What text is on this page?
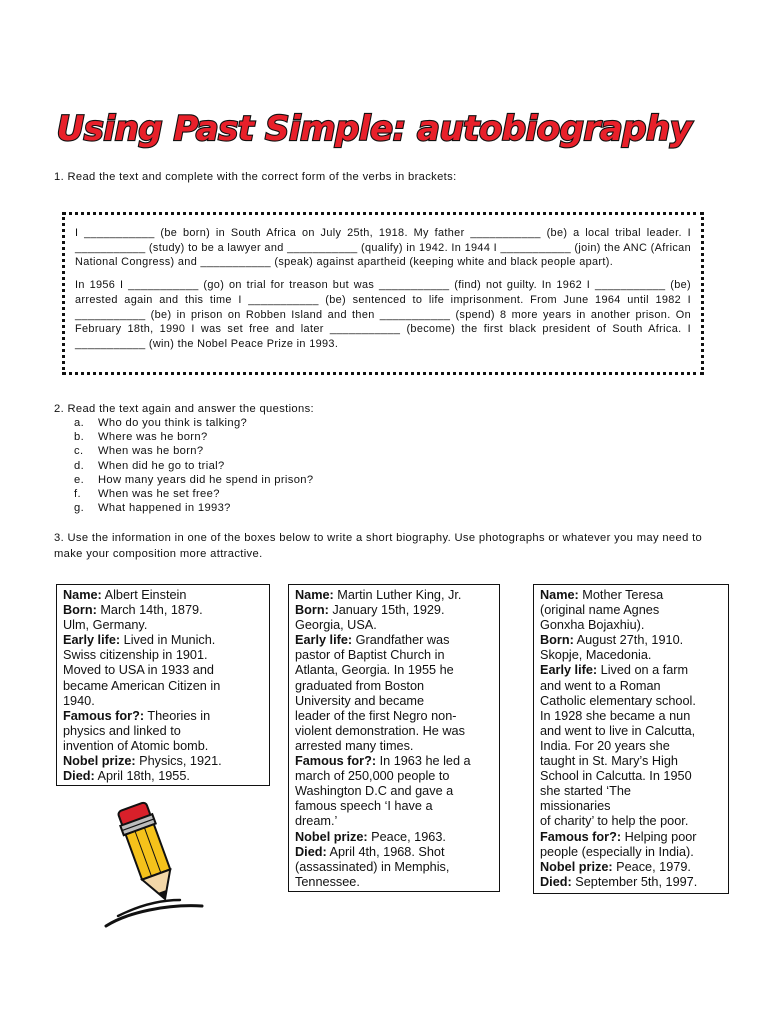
Using Past Simple: autobiography
1. Read the text and complete with the correct form of the verbs in brackets:

I ___________ (be born) in South Africa on July 25th, 1918. My father ___________ (be) a local tribal leader. I ___________ (study) to be a lawyer and ___________ (qualify) in 1942. In 1944 I ___________ (join) the ANC (African National Congress) and ___________ (speak) against apartheid (keeping white and black people apart).

In 1956 I ___________ (go) on trial for treason but was ___________ (find) not guilty. In 1962 I ___________ (be) arrested again and this time I ___________ (be) sentenced to life imprisonment. From June 1964 until 1982 I ___________ (be) in prison on Robben Island and then ___________ (spend) 8 more years in another prison. On February 18th, 1990 I was set free and later ___________ (become) the first black president of South Africa. I ___________ (win) the Nobel Peace Prize in 1993.

2. Read the text again and answer the questions:
a.	Who do you think is talking?
b.	Where was he born?
c.	When was he born?
d.	When did he go to trial?
e.	How many years did he spend in prison?
f.	When was he set free?
g.	What happened in 1993?
3. Use the information in one of the boxes below to write a short biography. Use photographs or whatever you may need to make your composition more attractive.
Name: Albert Einstein
Born: March 14th, 1879.
Ulm, Germany.
Early life: Lived in Munich.
Swiss citizenship in 1901.
Moved to USA in 1933 and
became American Citizen in
1940.
Famous for?: Theories in
physics and linked to
invention of Atomic bomb.
Nobel prize: Physics, 1921.
Died: April 18th, 1955.
Name: Martin Luther King, Jr.
Born: January 15th, 1929.
Georgia, USA.
Early life: Grandfather was
pastor of Baptist Church in
Atlanta, Georgia. In 1955 he
graduated from Boston
University and became
leader of the first Negro non-
violent demonstration. He was
arrested many times.
Famous for?: In 1963 he led a
march of 250,000 people to
Washington D.C and gave a
famous speech ‘I have a
dream.’
Nobel prize: Peace, 1963.
Died: April 4th, 1968. Shot
(assassinated) in Memphis,
Tennessee.
Name: Mother Teresa
(original name Agnes
Gonxha Bojaxhiu).
Born: August 27th, 1910.
Skopje, Macedonia.
Early life: Lived on a farm
and went to a Roman
Catholic elementary school.
In 1928 she became a nun
and went to live in Calcutta,
India. For 20 years she
taught in St. Mary’s High
School in Calcutta. In 1950
she started ‘The
missionaries
of charity’ to help the poor.
Famous for?: Helping poor
people (especially in India).
Nobel prize: Peace, 1979.
Died: September 5th, 1997.
